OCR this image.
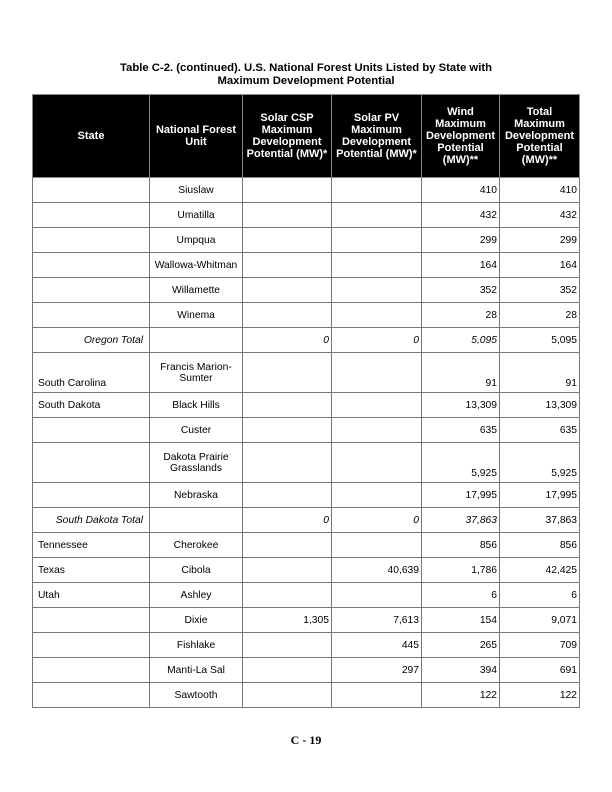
Table C-2. (continued). U.S. National Forest Units Listed by State with
Maximum Development Potential
State	National Forest Unit	Solar CSP Maximum Development Potential (MW)*	Solar PV Maximum Development Potential (MW)*	Wind Maximum Development Potential (MW)**	Total Maximum Development Potential (MW)**
	Siuslaw			410	410
	Umatilla			432	432
	Umpqua			299	299
	Wallowa-Whitman			164	164
	Willamette			352	352
	Winema			28	28
Oregon Total		0	0	5,095	5,095
South Carolina	Francis Marion-Sumter			91	91
South Dakota	Black Hills			13,309	13,309
	Custer			635	635
	Dakota Prairie Grasslands			5,925	5,925
	Nebraska			17,995	17,995
South Dakota Total		0	0	37,863	37,863
Tennessee	Cherokee			856	856
Texas	Cibola		40,639	1,786	42,425
Utah	Ashley			6	6
	Dixie	1,305	7,613	154	9,071
	Fishlake		445	265	709
	Manti-La Sal		297	394	691
	Sawtooth			122	122
C - 19
